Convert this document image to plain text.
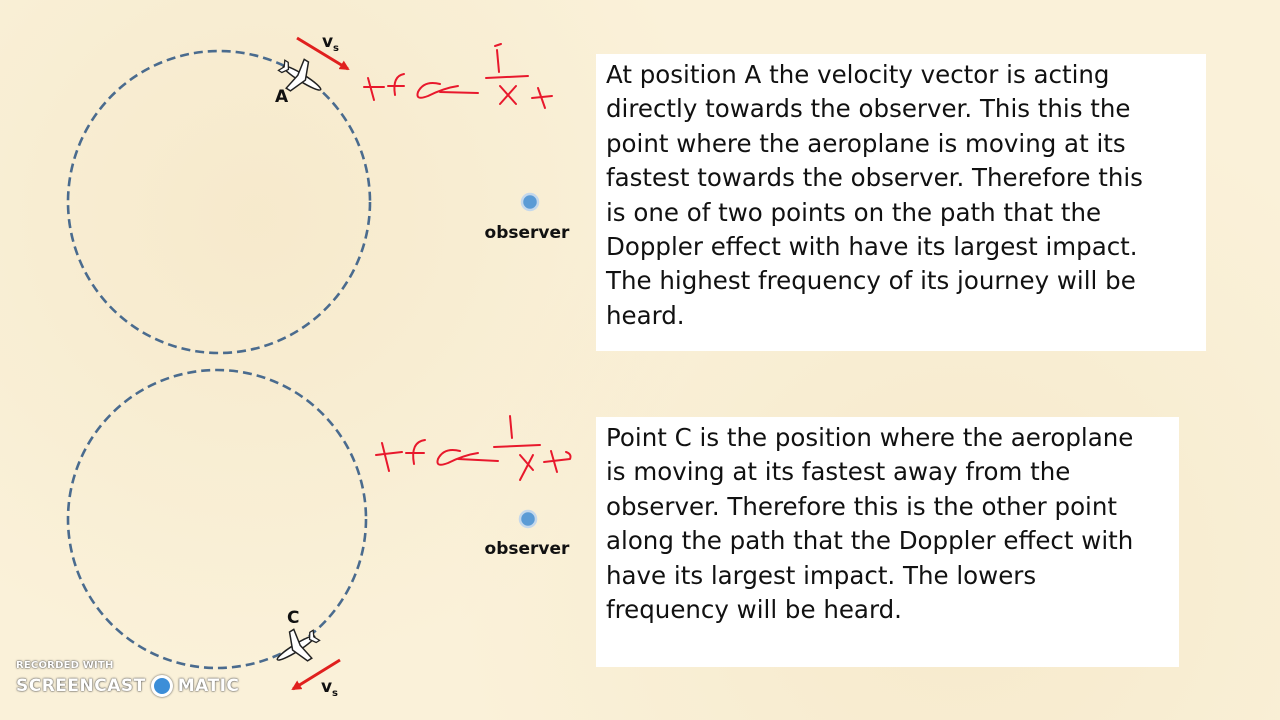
v s
A
observer
v s
C
observer
At position A the velocity vector is acting
directly towards the observer. This this the
point where the aeroplane is moving at its
fastest towards the observer. Therefore this
is one of two points on the path that the
Doppler effect with have its largest impact.
The highest frequency of its journey will be
heard.
Point C is the position where the aeroplane
is moving at its fastest away from the
observer. Therefore this is the other point
along the path that the Doppler effect with
have its largest impact. The lowers
frequency will be heard.
RECORDED WITH
SCREENCAST MATIC
